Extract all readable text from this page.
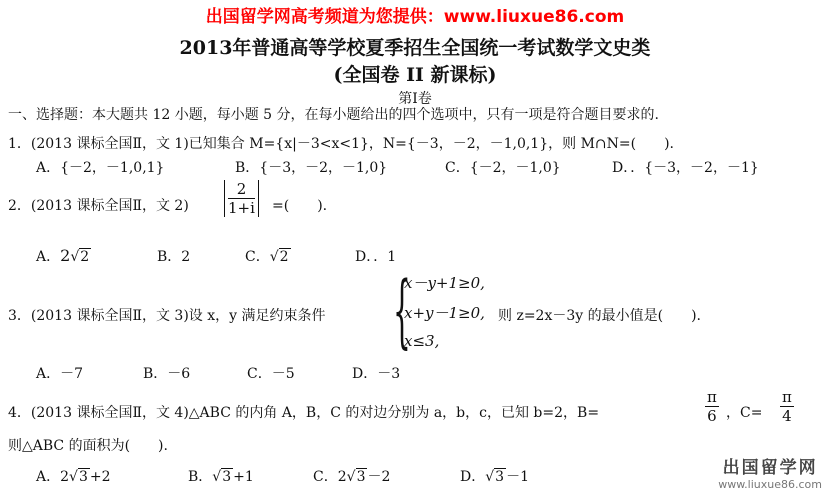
出国留学网高考频道为您提供：www.liuxue86.com
2013年普通高等学校夏季招生全国统一考试数学文史类
(全国卷 II 新课标)
第Ⅰ卷
一、选择题：本大题共 12 小题，每小题 5 分，在每小题给出的四个选项中，只有一项是符合题目要求的.
1．(2013 课标全国Ⅱ，文 1)已知集合 M={x|－3<x<1}，N={－3，－2，－1,0,1}，则 M∩N=(　　).
A．{－2，－1,0,1}	B．{－3，－2，－1,0}	C．{－2，－1,0}	D．．{－3，－2，－1}
2．(2013 课标全国Ⅱ，文 2)	$\frac{2}{1+i}$ =(　　).
A．2√2	B．2	C．√2	D．．1
3．(2013 课标全国Ⅱ，文 3)设 x，y 满足约束条件 {
x－y+1≥0,
x+y－1≥0,
x≤3,
则 z=2x－3y 的最小值是(　　).
A．－7	B．－6	C．－5	D．－3
4．(2013 课标全国Ⅱ，文 4)△ABC 的内角 A，B，C 的对边分别为 a，b，c，已知 b=2，B=	$\frac{\pi}{6}$ ，$C= \frac{\pi}{4}$
则△ABC 的面积为(　　).
A．2√3 +2	B．√3 +1	C．2√3 －2	D．√3 －1	出国留学网
www.liuxue86.com
